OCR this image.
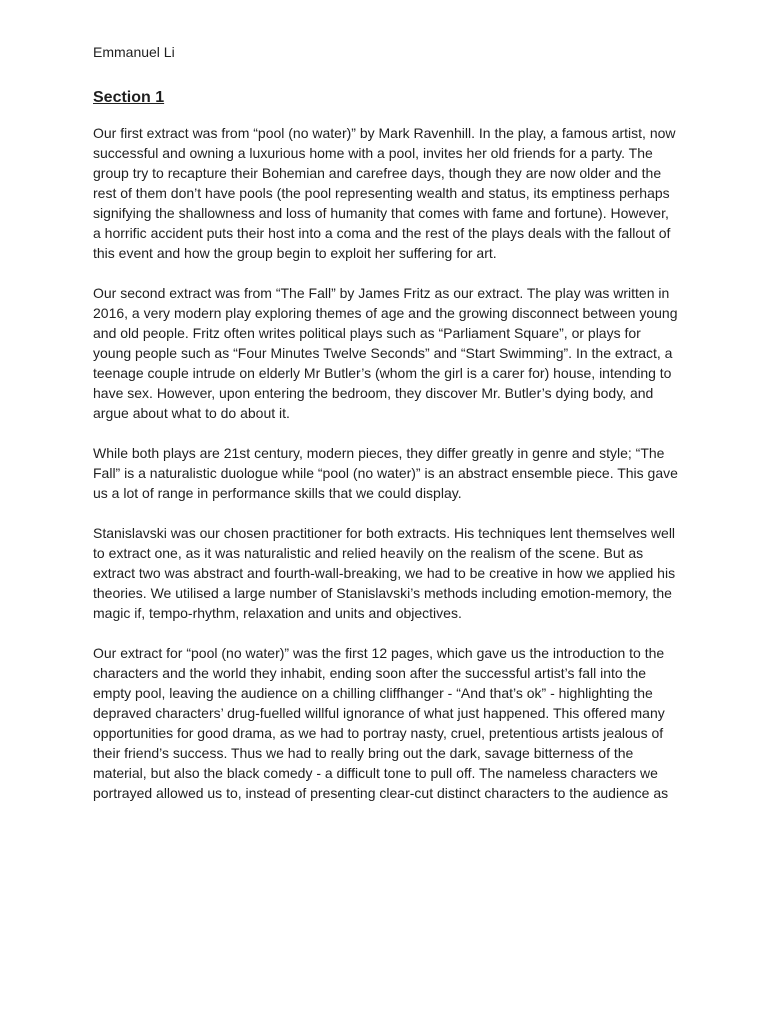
Emmanuel Li

Section 1

Our first extract was from “pool (no water)” by Mark Ravenhill. In the play, a famous artist, now successful and owning a luxurious home with a pool, invites her old friends for a party. The group try to recapture their Bohemian and carefree days, though they are now older and the rest of them don’t have pools (the pool representing wealth and status, its emptiness perhaps signifying the shallowness and loss of humanity that comes with fame and fortune). However, a horrific accident puts their host into a coma and the rest of the plays deals with the fallout of this event and how the group begin to exploit her suffering for art.

Our second extract was from “The Fall” by James Fritz as our extract. The play was written in 2016, a very modern play exploring themes of age and the growing disconnect between young and old people. Fritz often writes political plays such as “Parliament Square”, or plays for young people such as “Four Minutes Twelve Seconds” and “Start Swimming”. In the extract, a teenage couple intrude on elderly Mr Butler’s (whom the girl is a carer for) house, intending to have sex. However, upon entering the bedroom, they discover Mr. Butler’s dying body, and argue about what to do about it.

While both plays are 21st century, modern pieces, they differ greatly in genre and style; “The Fall” is a naturalistic duologue while “pool (no water)” is an abstract ensemble piece. This gave us a lot of range in performance skills that we could display.

Stanislavski was our chosen practitioner for both extracts. His techniques lent themselves well to extract one, as it was naturalistic and relied heavily on the realism of the scene. But as extract two was abstract and fourth-wall-breaking, we had to be creative in how we applied his theories. We utilised a large number of Stanislavski’s methods including emotion-memory, the magic if, tempo-rhythm, relaxation and units and objectives.

Our extract for “pool (no water)” was the first 12 pages, which gave us the introduction to the characters and the world they inhabit, ending soon after the successful artist’s fall into the empty pool, leaving the audience on a chilling cliffhanger - “And that’s ok” - highlighting the depraved characters’ drug-fuelled willful ignorance of what just happened. This offered many opportunities for good drama, as we had to portray nasty, cruel, pretentious artists jealous of their friend’s success. Thus we had to really bring out the dark, savage bitterness of the material, but also the black comedy - a difficult tone to pull off. The nameless characters we portrayed allowed us to, instead of presenting clear-cut distinct characters to the audience as
